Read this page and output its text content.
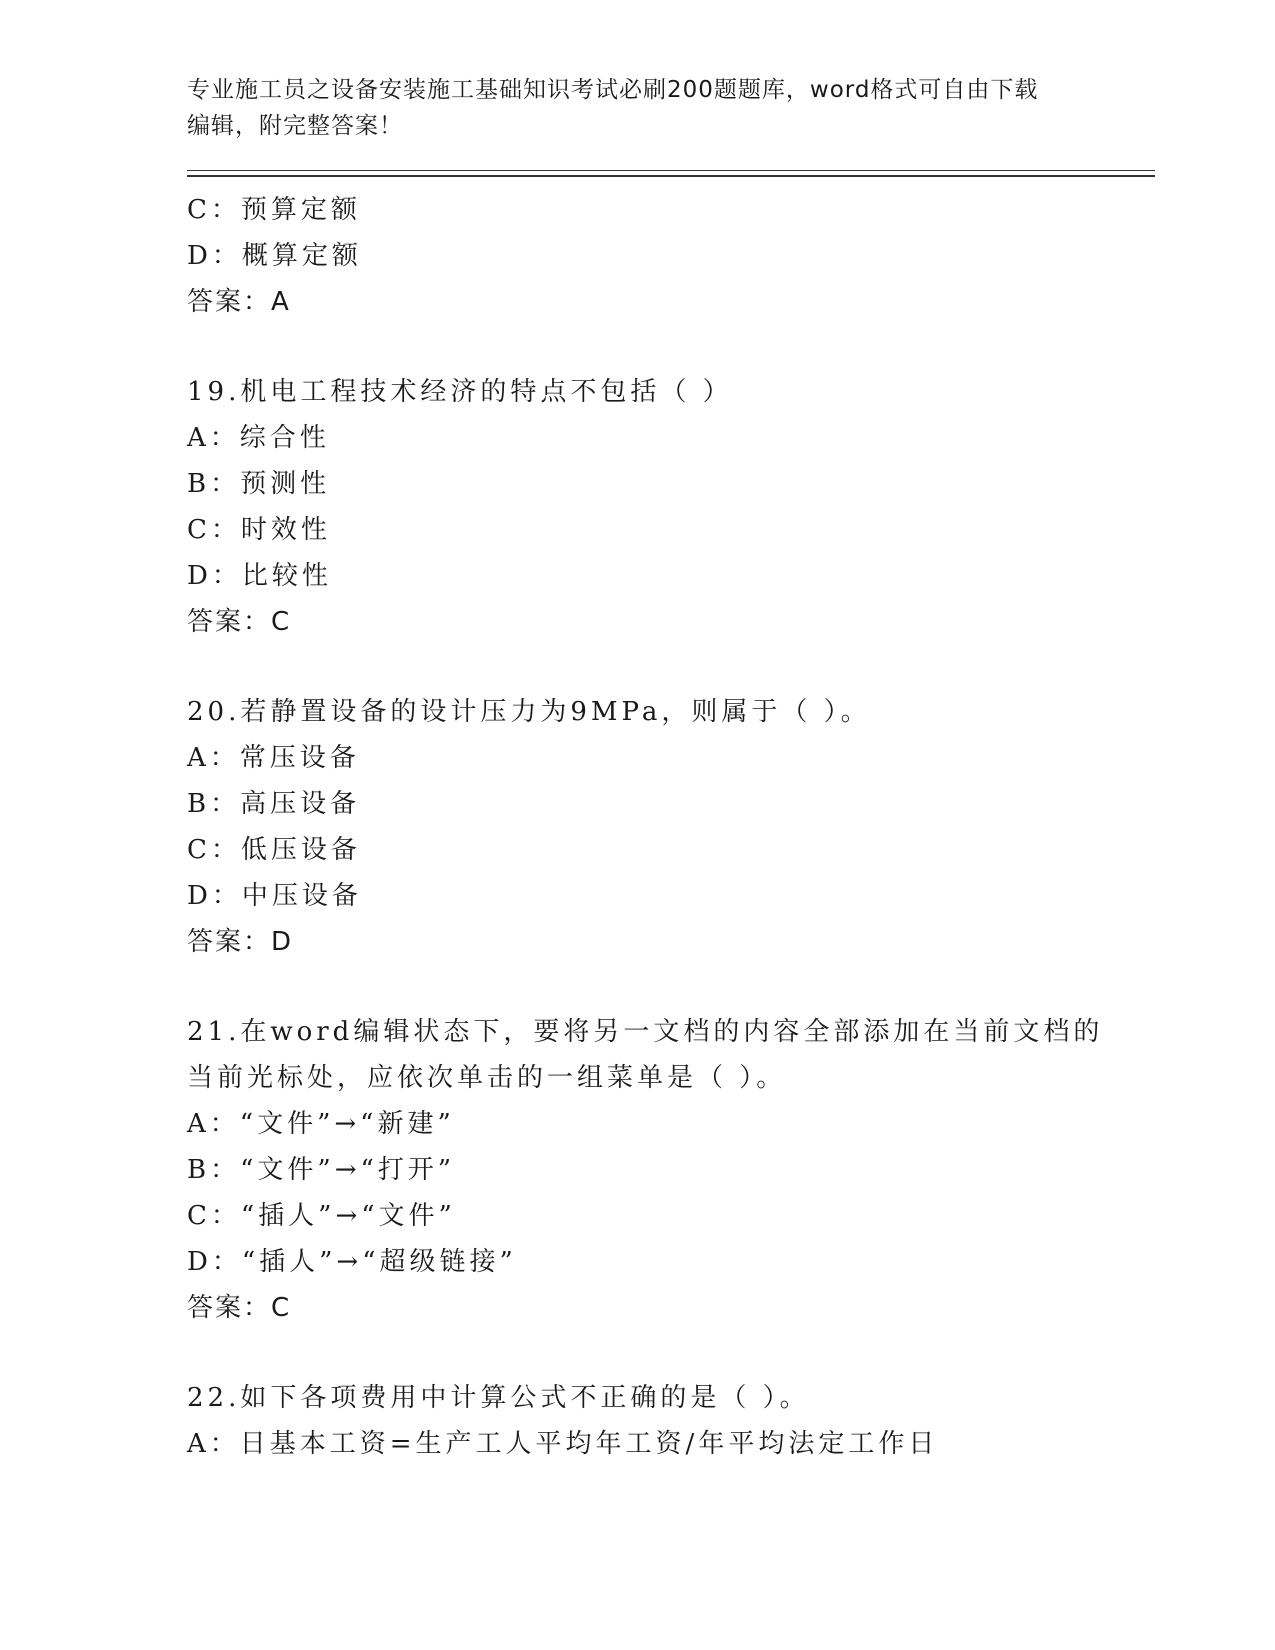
专业施工员之设备安装施工基础知识考试必刷200题题库，word格式可自由下载
编辑，附完整答案！
C：预算定额
D：概算定额
答案：A
19.机电工程技术经济的特点不包括（ ）
A：综合性
B：预测性
C：时效性
D：比较性
答案：C
20.若静置设备的设计压力为9MPa，则属于（ ）。
A：常压设备
B：高压设备
C：低压设备
D：中压设备
答案：D
21.在word编辑状态下，要将另一文档的内容全部添加在当前文档的
当前光标处，应依次单击的一组菜单是（ ）。
A：“文件”→“新建”
B：“文件”→“打开”
C：“插人”→“文件”
D：“插人”→“超级链接”
答案：C
22.如下各项费用中计算公式不正确的是（ ）。
A：日基本工资=生产工人平均年工资/年平均法定工作日
